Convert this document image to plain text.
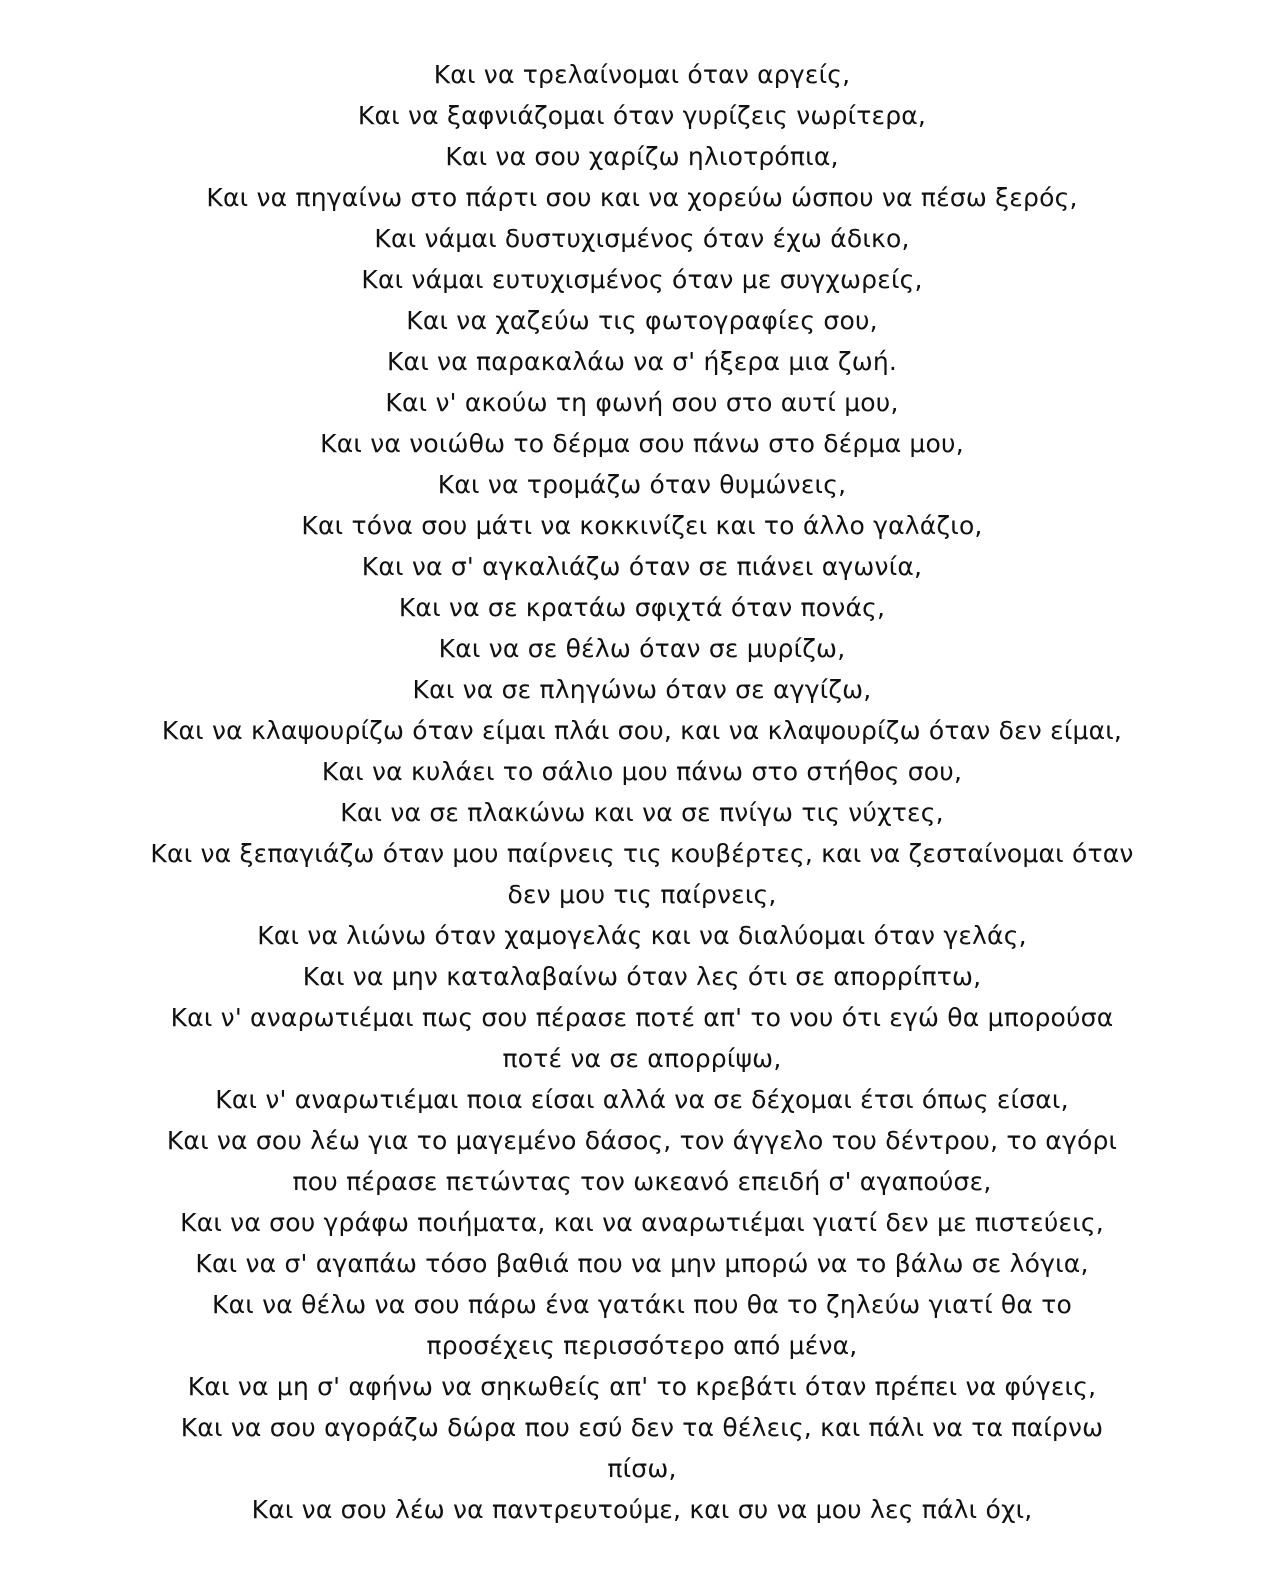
Και να τρελαίνομαι όταν αργείς,
Και να ξαφνιάζομαι όταν γυρίζεις νωρίτερα,
Και να σου χαρίζω ηλιοτρόπια,
Και να πηγαίνω στο πάρτι σου και να χορεύω ώσπου να πέσω ξερός,
Και νάμαι δυστυχισμένος όταν έχω άδικο,
Και νάμαι ευτυχισμένος όταν με συγχωρείς,
Και να χαζεύω τις φωτογραφίες σου,
Και να παρακαλάω να σ' ήξερα μια ζωή.
Και ν' ακούω τη φωνή σου στο αυτί μου,
Και να νοιώθω το δέρμα σου πάνω στο δέρμα μου,
Και να τρομάζω όταν θυμώνεις,
Και τόνα σου μάτι να κοκκινίζει και το άλλο γαλάζιο,
Και να σ' αγκαλιάζω όταν σε πιάνει αγωνία,
Και να σε κρατάω σφιχτά όταν πονάς,
Και να σε θέλω όταν σε μυρίζω,
Και να σε πληγώνω όταν σε αγγίζω,
Και να κλαψουρίζω όταν είμαι πλάι σου, και να κλαψουρίζω όταν δεν είμαι,
Και να κυλάει το σάλιο μου πάνω στο στήθος σου,
Και να σε πλακώνω και να σε πνίγω τις νύχτες,
Και να ξεπαγιάζω όταν μου παίρνεις τις κουβέρτες, και να ζεσταίνομαι όταν
δεν μου τις παίρνεις,
Και να λιώνω όταν χαμογελάς και να διαλύομαι όταν γελάς,
Και να μην καταλαβαίνω όταν λες ότι σε απορρίπτω,
Και ν' αναρωτιέμαι πως σου πέρασε ποτέ απ' το νου ότι εγώ θα μπορούσα
ποτέ να σε απορρίψω,
Και ν' αναρωτιέμαι ποια είσαι αλλά να σε δέχομαι έτσι όπως είσαι,
Και να σου λέω για το μαγεμένο δάσος, τον άγγελο του δέντρου, το αγόρι
που πέρασε πετώντας τον ωκεανό επειδή σ' αγαπούσε,
Και να σου γράφω ποιήματα, και να αναρωτιέμαι γιατί δεν με πιστεύεις,
Και να σ' αγαπάω τόσο βαθιά που να μην μπορώ να το βάλω σε λόγια,
Και να θέλω να σου πάρω ένα γατάκι που θα το ζηλεύω γιατί θα το
προσέχεις περισσότερο από μένα,
Και να μη σ' αφήνω να σηκωθείς απ' το κρεβάτι όταν πρέπει να φύγεις,
Και να σου αγοράζω δώρα που εσύ δεν τα θέλεις, και πάλι να τα παίρνω
πίσω,
Και να σου λέω να παντρευτούμε, και συ να μου λες πάλι όχι,
